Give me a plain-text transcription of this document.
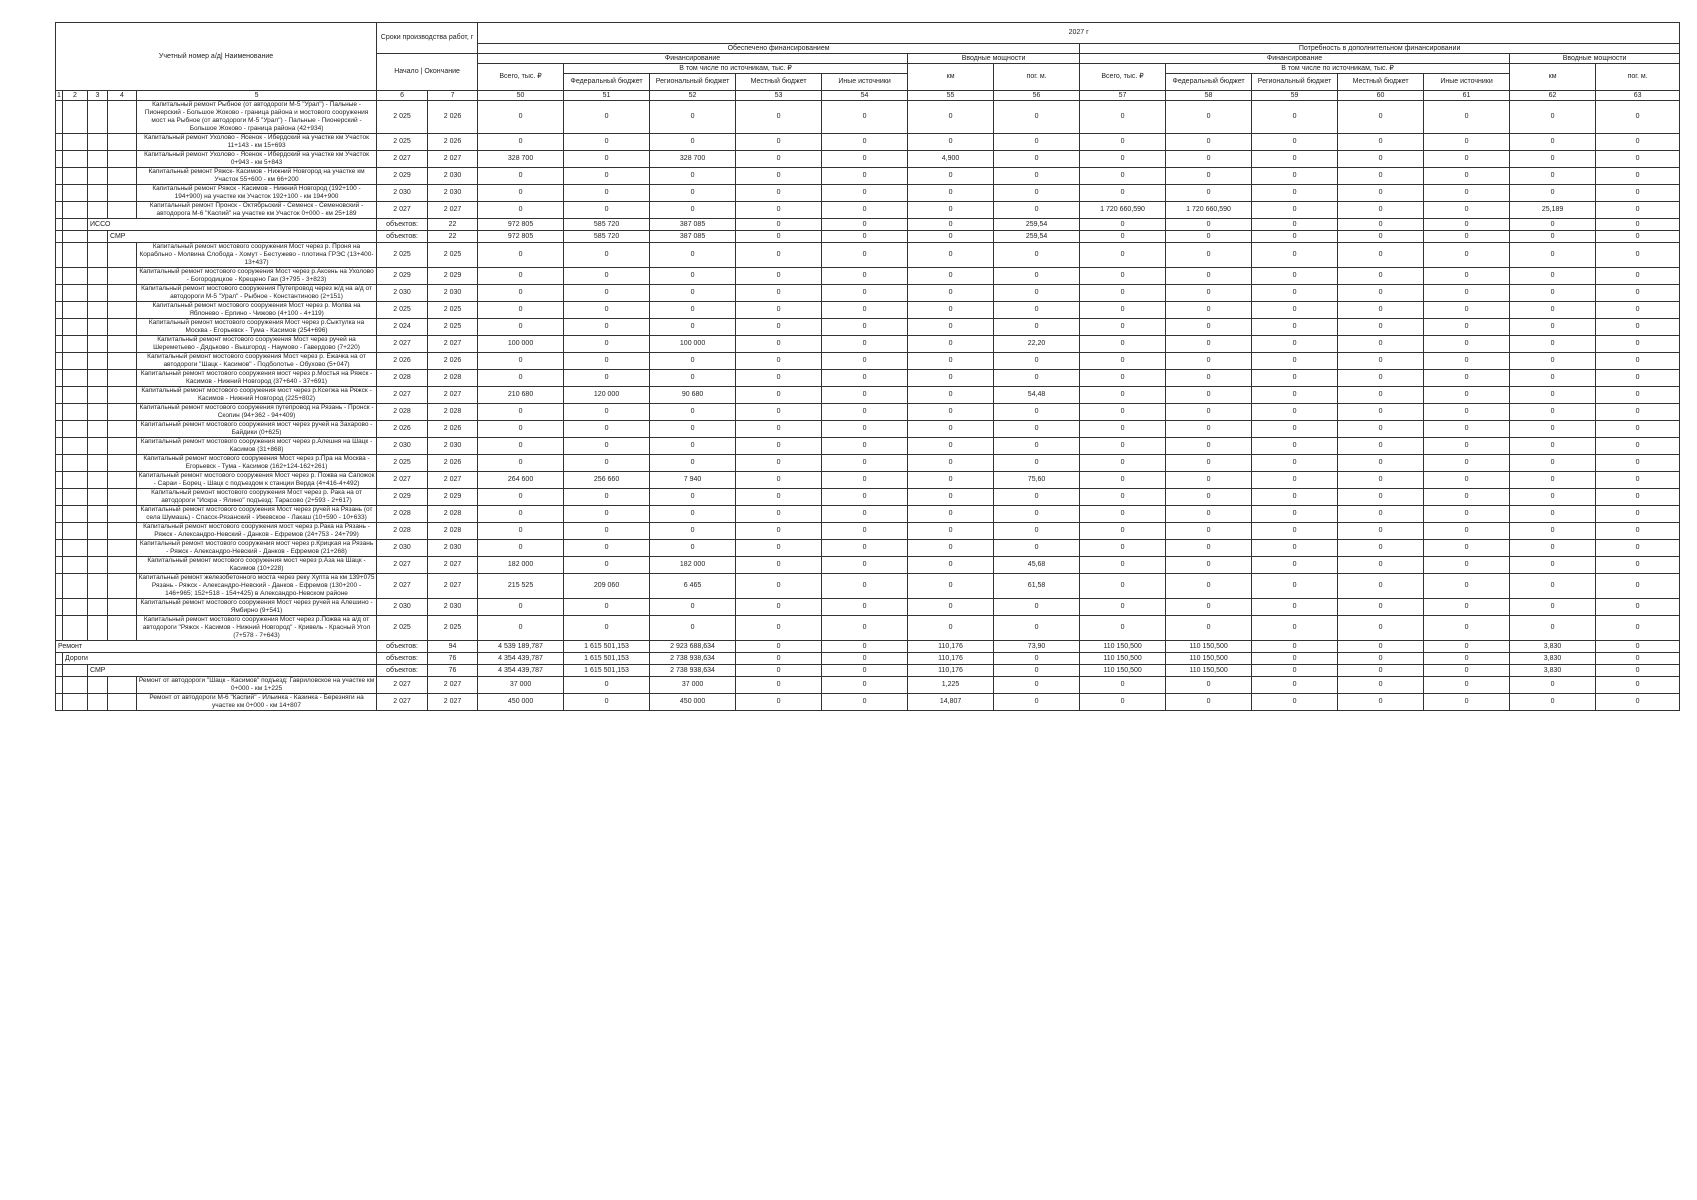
Учетный номер а/д| Наименование					Сроки производства работ, г		2027 г													
							Обеспечено финансированием							Потребность в дополнительном финансировании						
					Начало | Окончание		Финансирование					Вводные мощности		Финансирование					Вводные мощности	
							Всего, тыс. ₽	В том числе по источникам, тыс. ₽				км	пог. м.	Всего, тыс. ₽	В том числе по источникам, тыс. ₽				км	пог. м.
								Федеральный бюджет	Региональный бюджет	Местный бюджет	Иные источники				Федеральный бюджет	Региональный бюджет	Местный бюджет	Иные источники		
1	2	3	4	5	6	7	50	51	52	53	54	55	56	57	58	59	60	61	62	63
				Капитальный ремонт Рыбное (от автодороги М-5 "Урал") - Пальные - Пионерский - Большое Жоково - граница района и мостового сооружения мост на Рыбное (от автодороги М-5 "Урал") - Пальные - Пионерский - Большое Жоково - граница района (42+934)	2 025	2 026	0	0	0	0	0	0	0	0	0	0	0	0	0	0
				Капитальный ремонт Ухолово - Ясенок - Ибердский на участке км Участок 11+143 - км 15+693	2 025	2 026	0	0	0	0	0	0	0	0	0	0	0	0	0	0
				Капитальный ремонт Ухолово - Ясенок - Ибердский на участке км Участок 0+943 - км 5+843	2 027	2 027	328 700	0	328 700	0	0	4,900	0	0	0	0	0	0	0	0
				Капитальный ремонт Ряжск- Касимов - Нижний Новгород на участке км Участок 55+600 - км 66+200	2 029	2 030	0	0	0	0	0	0	0	0	0	0	0	0	0	0
				Капитальный ремонт Ряжск - Касимов - Нижний Новгород (192+100 - 194+900) на участке км Участок 192+100 - км 194+900	2 030	2 030	0	0	0	0	0	0	0	0	0	0	0	0	0	0
				Капитальный ремонт Пронск - Октябрьский - Семенск - Семеновский - автодорога М-6 "Каспий" на участке км Участок 0+000 - км 25+189	2 027	2 027	0	0	0	0	0	0	0	1 720 660,590	1 720 660,590	0	0	0	25,189	0
		ИССО			объектов:	22	972 805	585 720	387 085	0	0	0	259,54	0	0	0	0	0	0	0
			СМР		объектов:	22	972 805	585 720	387 085	0	0	0	259,54	0	0	0	0	0	0	0
				Капитальный ремонт мостового сооружения Мост через р. Проня на Корабльно - Молвина Слобода - Хомут - Бестужево - плотина ГРЭС (13+400-13+437)	2 025	2 025	0	0	0	0	0	0	0	0	0	0	0	0	0	0
				Капитальный ремонт мостового сооружения Мост через р.Аксень на Ухолово - Богородицкое - Крещено Гаи (3+795 - 3+823)	2 029	2 029	0	0	0	0	0	0	0	0	0	0	0	0	0	0
				Капитальный ремонт мостового сооружения Путепровод через ж/д на а/д от автодороги М-5 "Урал" - Рыбное - Константиново (2+151)	2 030	2 030	0	0	0	0	0	0	0	0	0	0	0	0	0	0
				Капитальный ремонт мостового сооружения Мост через р. Молва на Яблонево - Ерлино - Чижово (4+100 - 4+119)	2 025	2 025	0	0	0	0	0	0	0	0	0	0	0	0	0	0
				Капитальный ремонт мостового сооружения Мост через р.Сыктулка на Москва - Егорьевск - Тума - Касимов (254+696)	2 024	2 025	0	0	0	0	0	0	0	0	0	0	0	0	0	0
				Капитальный ремонт мостового сооружения Мост через ручей на Шереметьево - Дядьково - Вышгород - Наумово - Гавердово (7+220)	2 027	2 027	100 000	0	100 000	0	0	0	22,20	0	0	0	0	0	0	0
				Капитальный ремонт мостового сооружения Мост через р. Ежачка на от автодороги "Шацк - Касимов" - Подболотье - Обухово (5+047)	2 026	2 026	0	0	0	0	0	0	0	0	0	0	0	0	0	0
				Капитальный ремонт мостового сооружения мост через р.Мостья на Ряжск - Касимов - Нижний Новгород (37+640 - 37+691)	2 028	2 028	0	0	0	0	0	0	0	0	0	0	0	0	0	0
				Капитальный ремонт мостового сооружения мост через р.Ксегжа на Ряжск - Касимов - Нижний Новгород (225+802)	2 027	2 027	210 680	120 000	90 680	0	0	0	54,48	0	0	0	0	0	0	0
				Капитальный ремонт мостового сооружения путепровод на Рязань - Пронск - Скопин (94+362 - 94+409)	2 028	2 028	0	0	0	0	0	0	0	0	0	0	0	0	0	0
				Капитальный ремонт мостового сооружения мост через ручей на Захарово - Байдики (0+625)	2 026	2 026	0	0	0	0	0	0	0	0	0	0	0	0	0	0
				Капитальный ремонт мостового сооружения мост через р.Алешня на Шацк - Касимов (31+868)	2 030	2 030	0	0	0	0	0	0	0	0	0	0	0	0	0	0
				Капитальный ремонт мостового сооружения Мост через р.Пра на Москва - Егорьевск - Тума - Касимов (162+124-162+261)	2 025	2 026	0	0	0	0	0	0	0	0	0	0	0	0	0	0
				Капитальный ремонт мостового сооружения Мост через р. Пожва на Сапожок - Сараи - Борец - Шацк с подъездом к станции Верда (4+416-4+492)	2 027	2 027	264 600	256 660	7 940	0	0	0	75,60	0	0	0	0	0	0	0
				Капитальный ремонт мостового сооружения Мост через р. Рака на от автодороги "Искра - Ялино" подъезд: Тарасово (2+593 - 2+617)	2 029	2 029	0	0	0	0	0	0	0	0	0	0	0	0	0	0
				Капитальный ремонт мостового сооружения Мост через ручей на Рязань (от села Шумашь) - Спасск-Рязанский - Ижевское - Лакаш (10+590 - 10+633)	2 028	2 028	0	0	0	0	0	0	0	0	0	0	0	0	0	0
				Капитальный ремонт мостового сооружения мост через р.Рака на Рязань - Ряжск - Александро-Невский - Данков - Ефремов (24+753 - 24+799)	2 028	2 028	0	0	0	0	0	0	0	0	0	0	0	0	0	0
				Капитальный ремонт мостового сооружения мост через р.Крицкая на Рязань - Ряжск - Александро-Невский - Данков - Ефремов (21+268)	2 030	2 030	0	0	0	0	0	0	0	0	0	0	0	0	0	0
				Капитальный ремонт мостового сооружения мост через р.Аза на Шацк - Касимов (10+228)	2 027	2 027	182 000	0	182 000	0	0	0	45,68	0	0	0	0	0	0	0
				Капитальный ремонт железобетонного моста через реку Хупта на км 139+075 Рязань - Ряжск - Александро-Невский - Данков - Ефремов (130+200 - 146+965; 152+518 - 154+425) в Александро-Невском районе	2 027	2 027	215 525	209 060	6 465	0	0	0	61,58	0	0	0	0	0	0	0
				Капитальный ремонт мостового сооружения Мост через ручей на Алешино - Ямбирно (9+541)	2 030	2 030	0	0	0	0	0	0	0	0	0	0	0	0	0	0
				Капитальный ремонт мостового сооружения Мост через р.Пожва на а/д от автодороги "Ряжск - Касимов - Нижний Новгород" - Кривель - Красный Угол (7+578 - 7+643)	2 025	2 025	0	0	0	0	0	0	0	0	0	0	0	0	0	0
Ремонт					объектов:	94	4 539 189,787	1 615 501,153	2 923 688,634	0	0	110,176	73,90	110 150,500	110 150,500	0	0	0	3,830	0
	Дороги				объектов:	76	4 354 439,787	1 615 501,153	2 738 938,634	0	0	110,176	0	110 150,500	110 150,500	0	0	0	3,830	0
		СМР			объектов:	76	4 354 439,787	1 615 501,153	2 738 938,634	0	0	110,176	0	110 150,500	110 150,500	0	0	0	3,830	0
				Ремонт от автодороги "Шацк - Касимов" подъезд: Гавриловское на участке км 0+000 - км 1+225	2 027	2 027	37 000	0	37 000	0	0	1,225	0	0	0	0	0	0	0	0
				Ремонт от автодороги М-6 "Каспий" - Ильинка - Казинка - Березняги на участке км 0+000 - км 14+807	2 027	2 027	450 000	0	450 000	0	0	14,807	0	0	0	0	0	0	0	0
